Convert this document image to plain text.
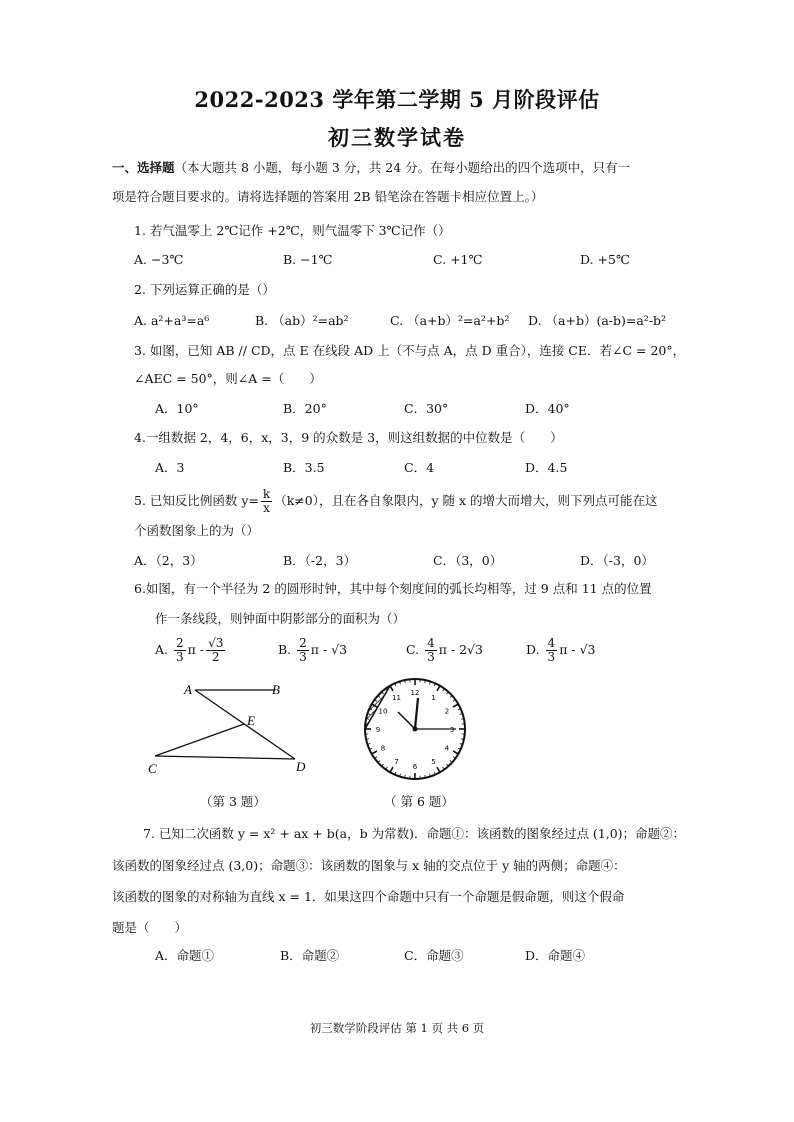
2022-2023 学年第二学期 5 月阶段评估
初三数学试卷
一、选择题（本大题共 8 小题，每小题 3 分，共 24 分。在每小题给出的四个选项中，只有一
项是符合题目要求的。请将选择题的答案用 2B 铅笔涂在答题卡相应位置上。）
1. 若气温零上 2℃记作 +2℃，则气温零下 3℃记作（）
A. −3℃	B. −1℃	C. +1℃	D. +5℃
2. 下列运算正确的是（）
A. a²+a³=a⁶	B. （ab）²=ab²	C. （a+b）²=a²+b² D. （a+b）(a-b)=a²-b²
3. 如图，已知 AB // CD，点 E 在线段 AD 上（不与点 A，点 D 重合），连接 CE．若∠C = 20°，
∠AEC = 50°，则∠A =（　　）
A．10°	B．20°	C．30°	D．40°
4.一组数据 2，4，6，x，3，9 的众数是 3，则这组数据的中位数是（　　）
A．3	B．3.5	C．4	D．4.5
5. 已知反比例函数 $y= \frac{k}{x} (k\ne 0)$，且在各自象限内，y 随 x 的增大而增大，则下列点可能在这
个函数图象上的为（）
A．（2，3）	B．（-2，3）	C．（3，0）	D．（-3，0）
6.如图，有一个半径为 2 的圆形时钟，其中每个刻度间的弧长均相等，过 9 点和 11 点的位置
作一条线段，则钟面中阴影部分的面积为（）
A. $\frac{2}{3}$ π - $\frac{√3}{2}$	B. $\frac{2}{3}$ π - √3	C. $\frac{4}{3}$ π - 2√3	D. $\frac{4}{3}$ π - √3
A	B
E
C	D
（第 3 题）
12
1
2
3
4
5
6
7
8
9
10
11
（ 第 6 题）
7. 已知二次函数 y = x² + ax + b(a，b 为常数)．命题①：该函数的图象经过点 (1,0)；命题②：
该函数的图象经过点 (3,0)；命题③：该函数的图象与 x 轴的交点位于 y 轴的两侧；命题④：
该函数的图象的对称轴为直线 x = 1．如果这四个命题中只有一个命题是假命题，则这个假命
题是（　　）
A．命题①	B．命题②	C．命题③	D．命题④
初三数学阶段评估 第 1 页 共 6 页
